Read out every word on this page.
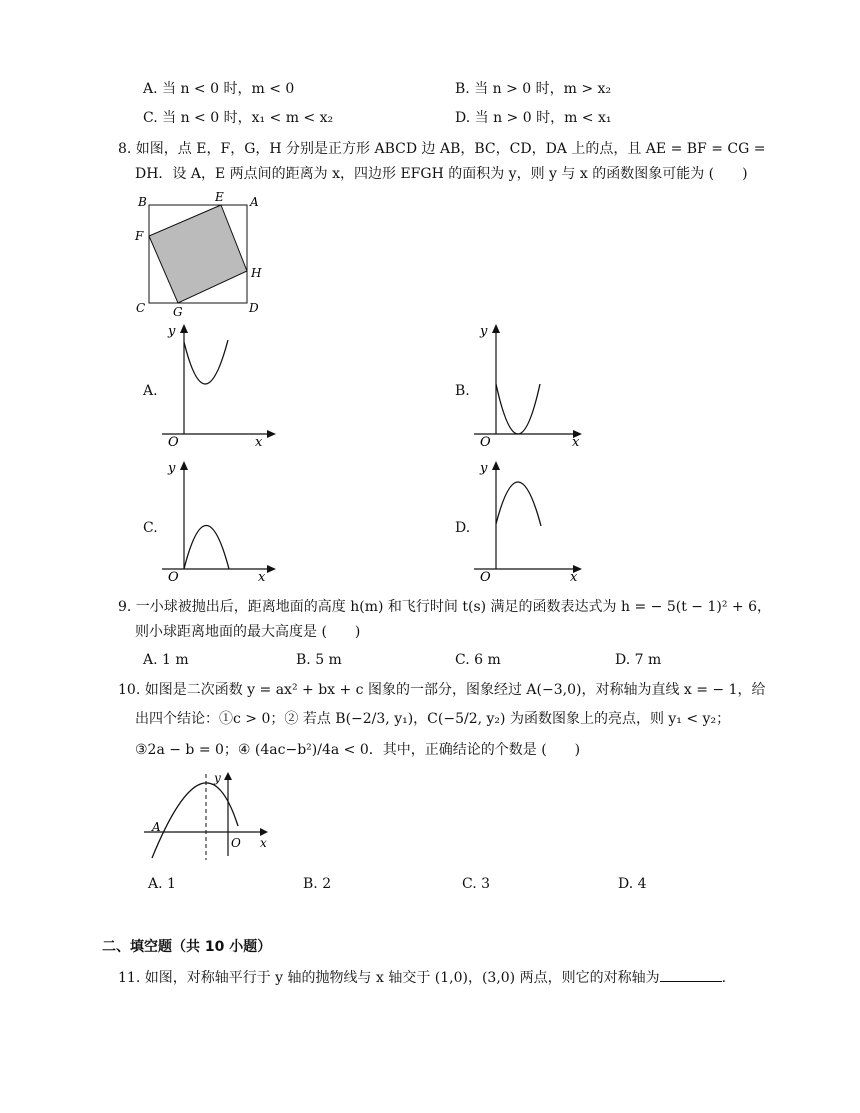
A. 当 n < 0 时，m < 0	B. 当 n > 0 时，m > x₂
C. 当 n < 0 时，x₁ < m < x₂	D. 当 n > 0 时，m < x₁
8. 如图，点 E，F，G，H 分别是正方形 ABCD 边 AB，BC，CD，DA 上的点，且 AE = BF = CG =
DH．设 A，E 两点间的距离为 x，四边形 EFGH 的面积为 y，则 y 与 x 的函数图象可能为 (　　)
B	E A
F
H
C G	D
A.
y
O	x
B.
y
O	x
C.
y
O	x
D.
y
O	x
9. 一小球被抛出后，距离地面的高度 h(m) 和飞行时间 t(s) 满足的函数表达式为 h = − 5(t − 1)² + 6，
则小球距离地面的最大高度是 (　　)
A. 1 m	B. 5 m	C. 6 m	D. 7 m
10. 如图是二次函数 y = ax² + bx + c 图象的一部分，图象经过 A(−3,0)，对称轴为直线 x = − 1，给
出四个结论：①c > 0；② 若点 B(−2/3, y₁)，C(−5/2, y₂) 为函数图象上的亮点，则 y₁ < y₂；
③2a − b = 0；④ (4ac−b²)/4a < 0．其中，正确结论的个数是 (　　)
A
O
y
x
A. 1	B. 2	C. 3	D. 4
二、填空题（共 10 小题）
11. 如图，对称轴平行于 y 轴的抛物线与 x 轴交于 (1,0)，(3,0) 两点，则它的对称轴为	.
